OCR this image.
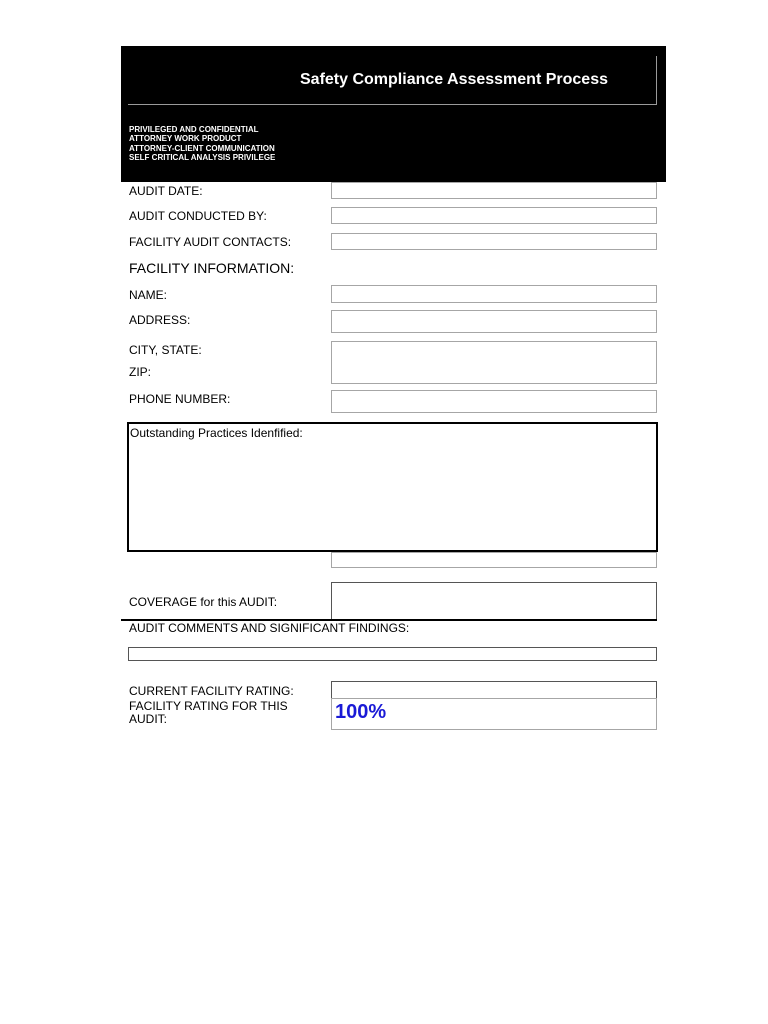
Safety Compliance Assessment Process
PRIVILEGED AND CONFIDENTIAL
ATTORNEY WORK PRODUCT
ATTORNEY-CLIENT COMMUNICATION
SELF CRITICAL ANALYSIS PRIVILEGE
AUDIT DATE:
AUDIT CONDUCTED BY:
FACILITY AUDIT CONTACTS:
FACILITY INFORMATION:
NAME:
ADDRESS:
CITY, STATE:
ZIP:
PHONE NUMBER:
Outstanding Practices Idenfified:
COVERAGE for this AUDIT:
AUDIT COMMENTS AND SIGNIFICANT FINDINGS:
CURRENT FACILITY RATING:
FACILITY RATING FOR THIS
AUDIT:	100%
